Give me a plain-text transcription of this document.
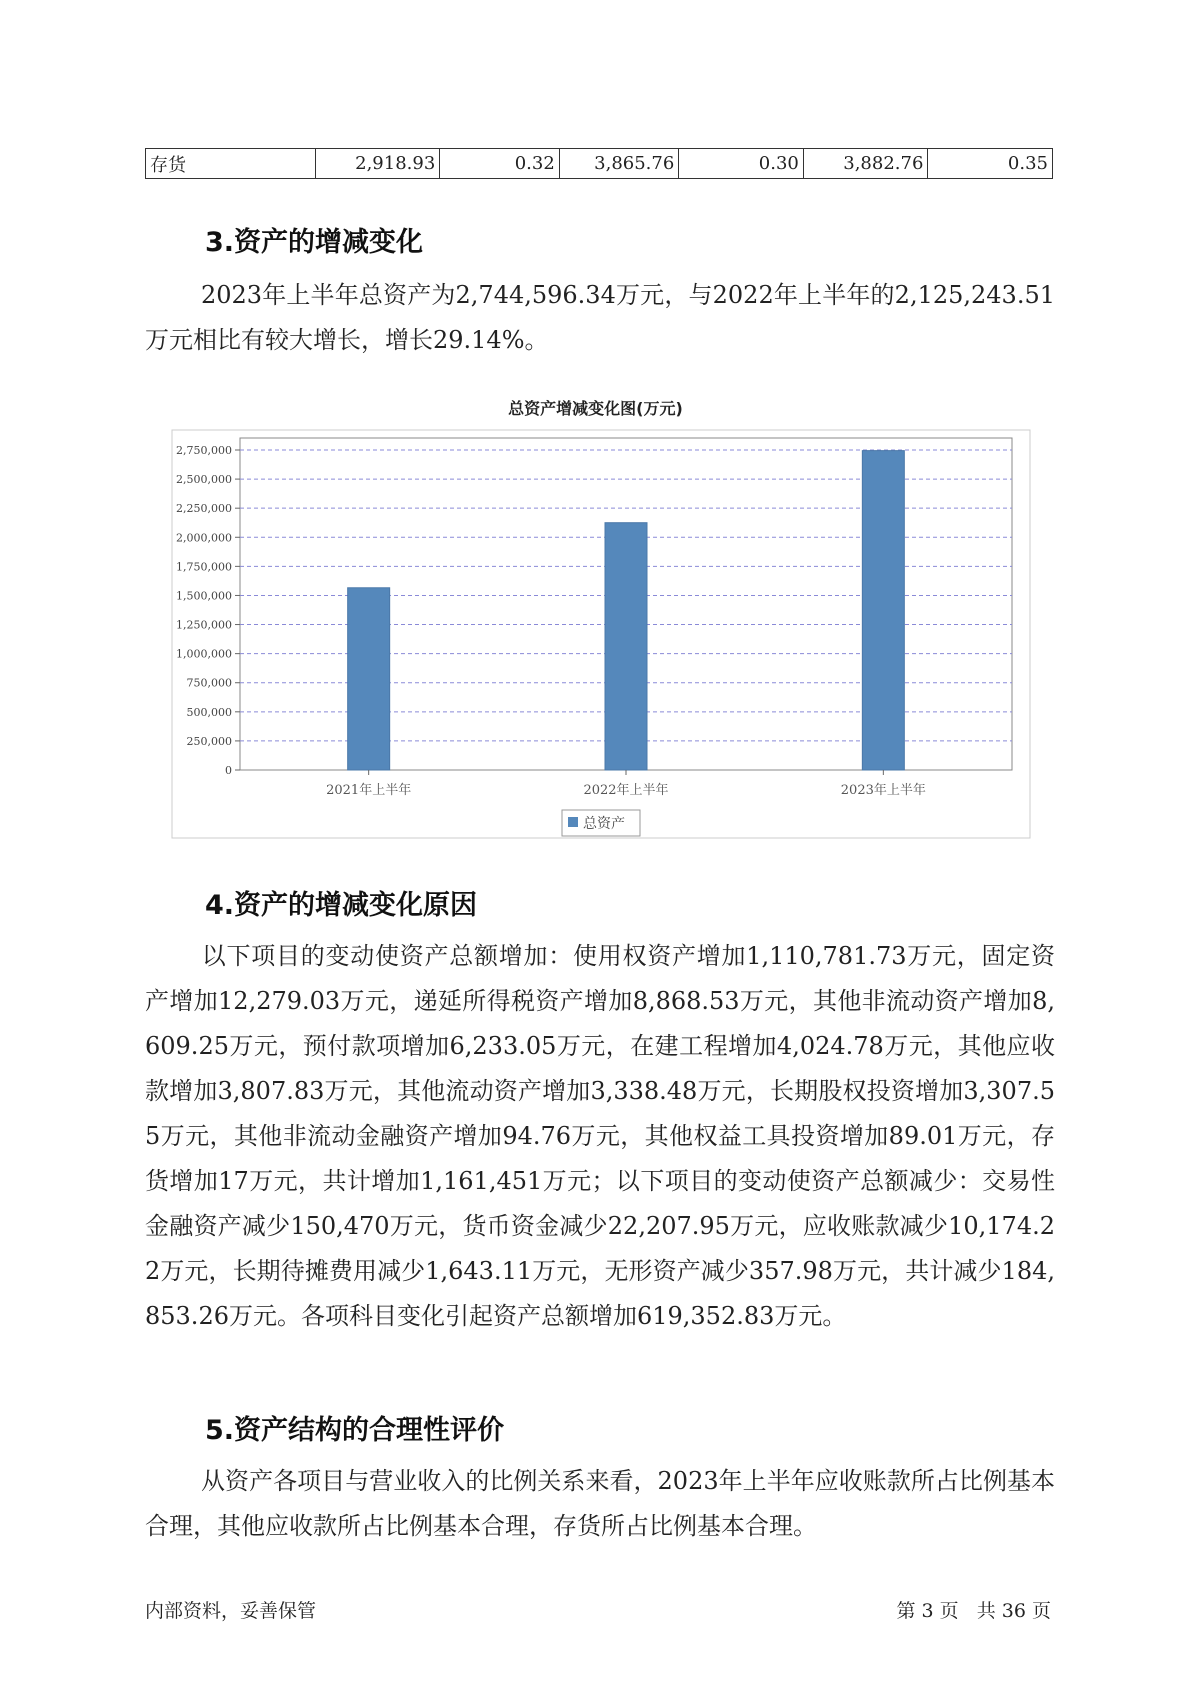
存货	2,918.93	0.32	3,865.76	0.30	3,882.76	0.35
3.资产的增减变化

2023年上半年总资产为2,744,596.34万元，与2022年上半年的2,125,243.51万元相比有较大增长，增长29.14%。

总资产增减变化图(万元)
0
250,000
500,000
750,000
1,000,000
1,250,000
1,500,000
1,750,000
2,000,000
2,250,000
2,500,000
2,750,000
2021年上半年	2022年上半年	2023年上半年
总资产
4.资产的增减变化原因

以下项目的变动使资产总额增加：使用权资产增加1,110,781.73万元，固定资产增加12,279.03万元，递延所得税资产增加8,868.53万元，其他非流动资产增加8,609.25万元，预付款项增加6,233.05万元，在建工程增加4,024.78万元，其他应收款增加3,807.83万元，其他流动资产增加3,338.48万元，长期股权投资增加3,307.55万元，其他非流动金融资产增加94.76万元，其他权益工具投资增加89.01万元，存货增加17万元，共计增加1,161,451万元；以下项目的变动使资产总额减少：交易性金融资产减少150,470万元，货币资金减少22,207.95万元，应收账款减少10,174.22万元，长期待摊费用减少1,643.11万元，无形资产减少357.98万元，共计减少184,853.26万元。各项科目变化引起资产总额增加619,352.83万元。

5.资产结构的合理性评价

从资产各项目与营业收入的比例关系来看，2023年上半年应收账款所占比例基本合理，其他应收款所占比例基本合理，存货所占比例基本合理。

内部资料，妥善保管	第 3 页   共 36 页
